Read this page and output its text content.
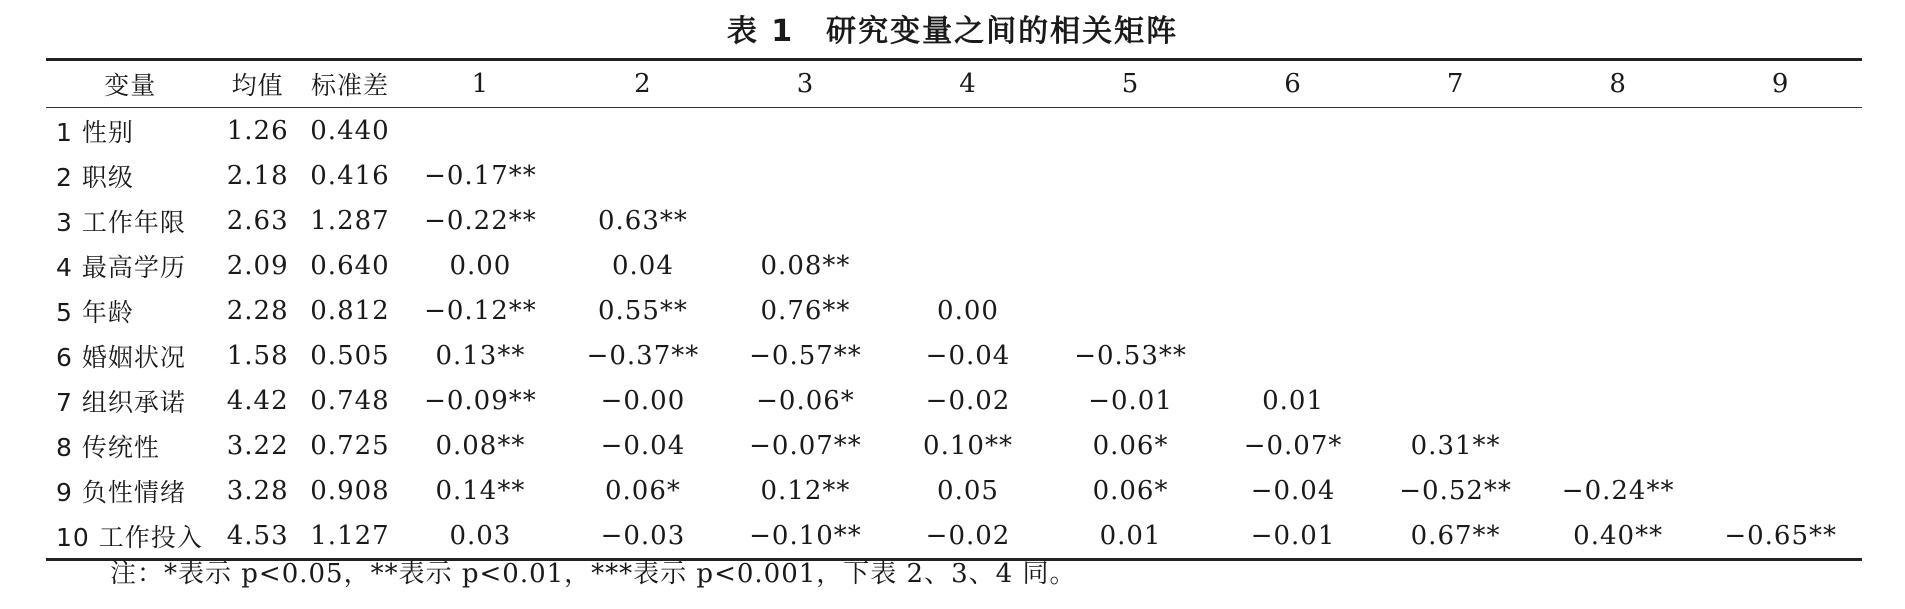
表 1　研究变量之间的相关矩阵
变量	均值	标准差	1	2	3	4	5	6	7	8	9
1 性别	1.26	0.440									
2 职级	2.18	0.416	−0.17**								
3 工作年限	2.63	1.287	−0.22**	0.63**							
4 最高学历	2.09	0.640	0.00	0.04	0.08**						
5 年龄	2.28	0.812	−0.12**	0.55**	0.76**	0.00					
6 婚姻状况	1.58	0.505	0.13**	−0.37**	−0.57**	−0.04	−0.53**				
7 组织承诺	4.42	0.748	−0.09**	−0.00	−0.06*	−0.02	−0.01	0.01			
8 传统性	3.22	0.725	0.08**	−0.04	−0.07**	0.10**	0.06*	−0.07*	0.31**		
9 负性情绪	3.28	0.908	0.14**	0.06*	0.12**	0.05	0.06*	−0.04	−0.52**	−0.24**	
10 工作投入	4.53	1.127	0.03	−0.03	−0.10**	−0.02	0.01	−0.01	0.67**	0.40**	−0.65**
注：*表示 p<0.05，**表示 p<0.01，***表示 p<0.001，下表 2、3、4 同。
